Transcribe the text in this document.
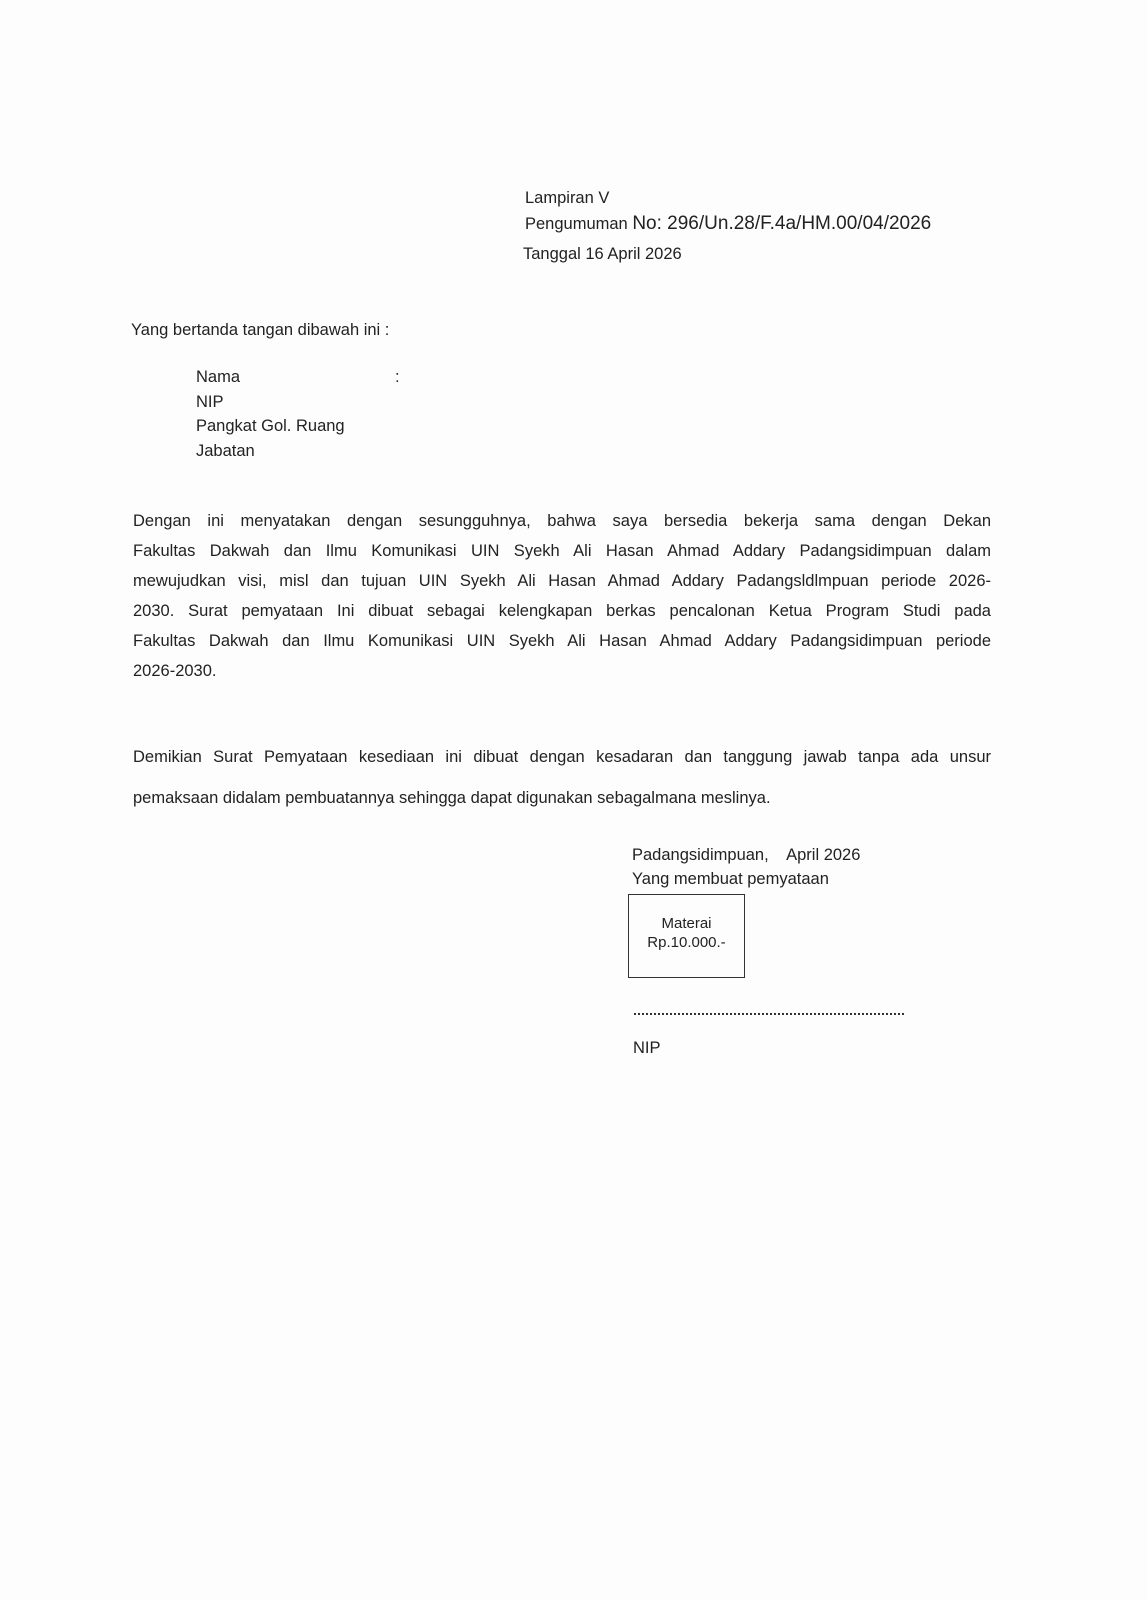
Lampiran V
Pengumuman No: 296/Un.28/F.4a/HM.00/04/2026
Tanggal 16 April 2026
Yang bertanda tangan dibawah ini :
Nama	:
NIP
Pangkat Gol. Ruang
Jabatan
Dengan ini menyatakan dengan sesungguhnya, bahwa saya bersedia bekerja sama dengan Dekan
Fakultas Dakwah dan Ilmu Komunikasi UIN Syekh Ali Hasan Ahmad Addary Padangsidimpuan dalam
mewujudkan visi, misl dan tujuan UIN Syekh Ali Hasan Ahmad Addary Padangsldlmpuan periode 2026-
2030. Surat pemyataan Ini dibuat sebagai kelengkapan berkas pencalonan Ketua Program Studi pada
Fakultas Dakwah dan Ilmu Komunikasi UIN Syekh Ali Hasan Ahmad Addary Padangsidimpuan periode
2026-2030.
Demikian Surat Pemyataan kesediaan ini dibuat dengan kesadaran dan tanggung jawab tanpa ada unsur
pemaksaan didalam pembuatannya sehingga dapat digunakan sebagalmana meslinya.
Padangsidimpuan,    April 2026
Yang membuat pemyataan
Materai
Rp.10.000.-
NIP
